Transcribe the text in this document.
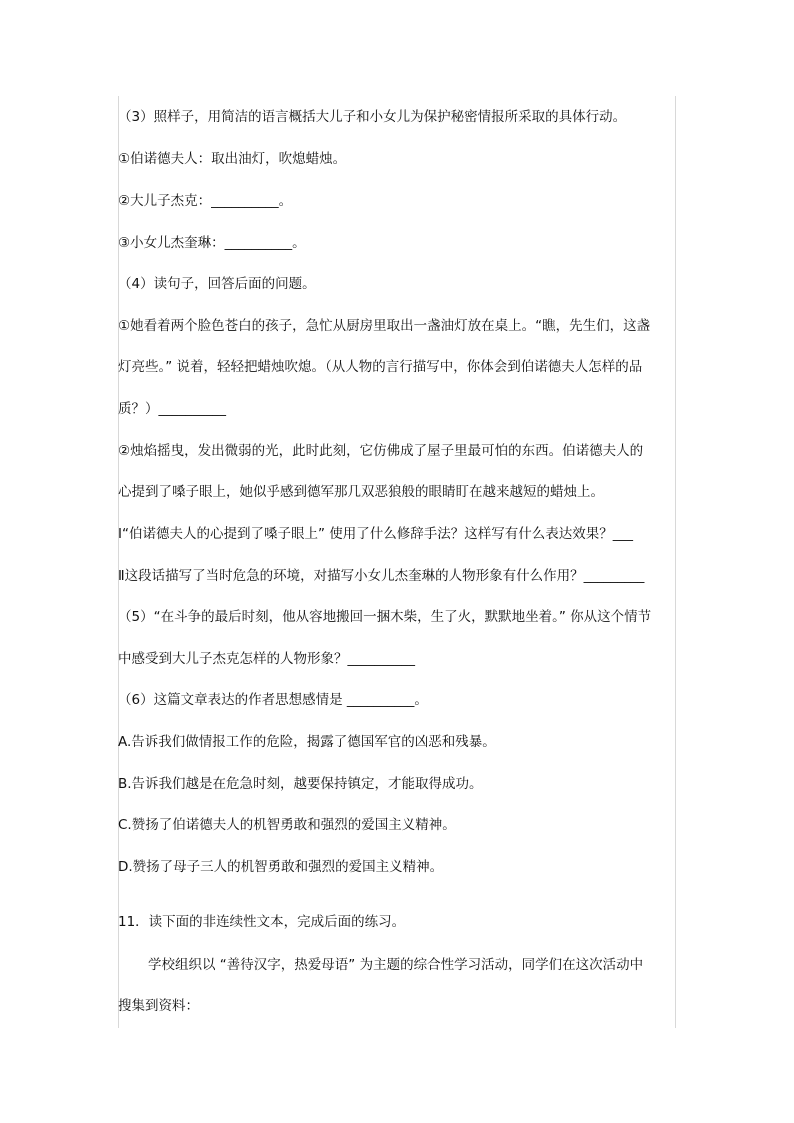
（3）照样子，用简洁的语言概括大儿子和小女儿为保护秘密情报所采取的具体行动。
①伯诺德夫人：取出油灯，吹熄蜡烛。
②大儿子杰克：__________。
③小女儿杰奎琳：__________。
（4）读句子，回答后面的问题。
①她看着两个脸色苍白的孩子，急忙从厨房里取出一盏油灯放在桌上。“瞧，先生们，这盏
灯亮些。” 说着，轻轻把蜡烛吹熄。（从人物的言行描写中，你体会到伯诺德夫人怎样的品
质？）__________
②烛焰摇曳，发出微弱的光，此时此刻，它仿佛成了屋子里最可怕的东西。伯诺德夫人的
心提到了嗓子眼上，她似乎感到德军那几双恶狼般的眼睛盯在越来越短的蜡烛上。
Ⅰ“伯诺德夫人的心提到了嗓子眼上” 使用了什么修辞手法？这样写有什么表达效果？___
Ⅱ这段话描写了当时危急的环境，对描写小女儿杰奎琳的人物形象有什么作用？_________
（5）“在斗争的最后时刻，他从容地搬回一捆木柴，生了火，默默地坐着。” 你从这个情节
中感受到大儿子杰克怎样的人物形象？__________
（6）这篇文章表达的作者思想感情是 __________。
A.告诉我们做情报工作的危险，揭露了德国军官的凶恶和残暴。
B.告诉我们越是在危急时刻，越要保持镇定，才能取得成功。
C.赞扬了伯诺德夫人的机智勇敢和强烈的爱国主义精神。
D.赞扬了母子三人的机智勇敢和强烈的爱国主义精神。
11．读下面的非连续性文本，完成后面的练习。
学校组织以 “善待汉字，热爱母语” 为主题的综合性学习活动，同学们在这次活动中
搜集到资料：
